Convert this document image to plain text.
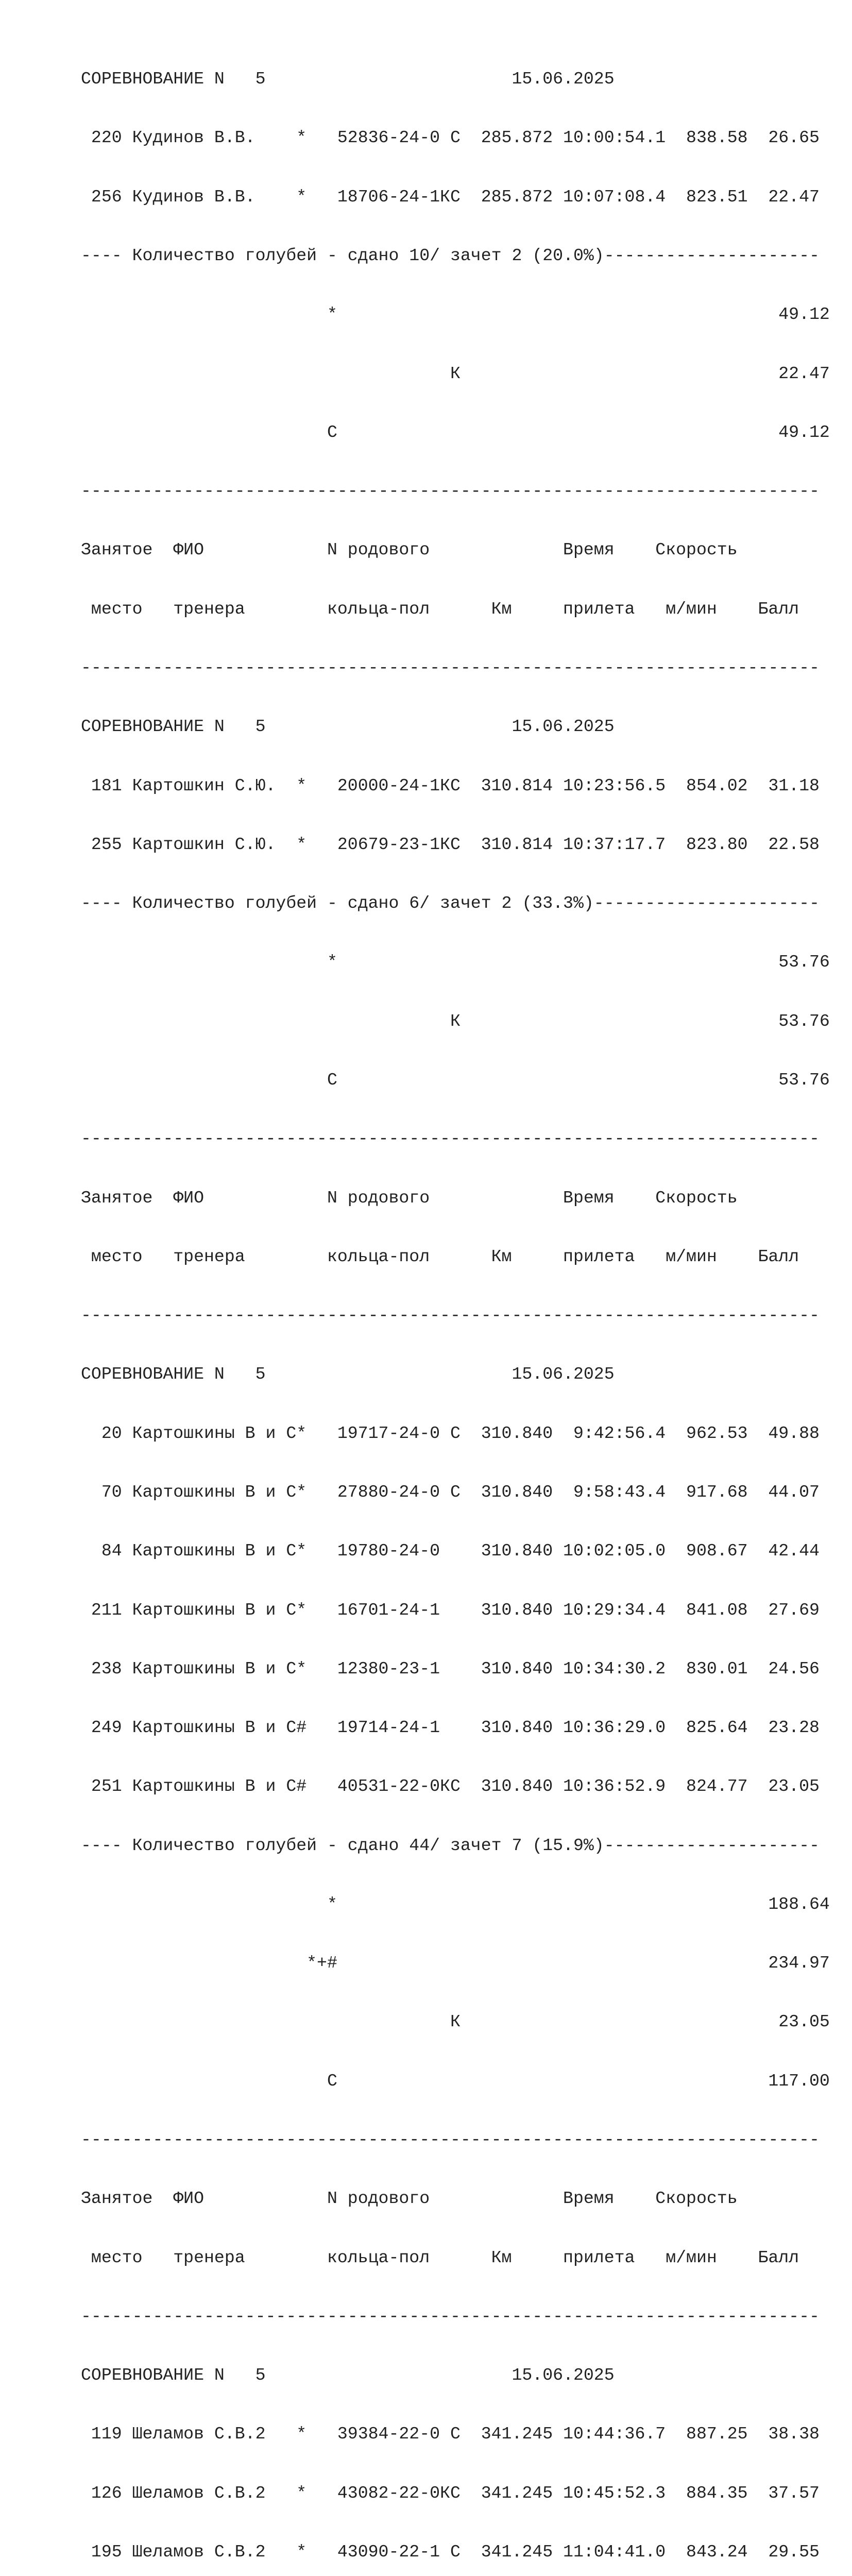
СОРЕВНОВАНИЕ N   5                        15.06.2025

220 Кудинов В.В.    *   52836-24-0 С  285.872 10:00:54.1  838.58  26.65

256 Кудинов В.В.    *   18706-24-1КС  285.872 10:07:08.4  823.51  22.47

---- Количество голубей - сдано 10/ зачет 2 (20.0%)---------------------

*                                           49.12

К                               22.47

С                                           49.12

------------------------------------------------------------------------

Занятое  ФИО            N родового             Время    Скорость

место   тренера        кольца-пол      Км     прилета   м/мин    Балл

------------------------------------------------------------------------

СОРЕВНОВАНИЕ N   5                        15.06.2025

181 Картошкин С.Ю.  *   20000-24-1КС  310.814 10:23:56.5  854.02  31.18

255 Картошкин С.Ю.  *   20679-23-1КС  310.814 10:37:17.7  823.80  22.58

---- Количество голубей - сдано 6/ зачет 2 (33.3%)----------------------

*                                           53.76

К                               53.76

С                                           53.76

------------------------------------------------------------------------

Занятое  ФИО            N родового             Время    Скорость

место   тренера        кольца-пол      Км     прилета   м/мин    Балл

------------------------------------------------------------------------

СОРЕВНОВАНИЕ N   5                        15.06.2025

20 Картошкины В и С*   19717-24-0 С  310.840  9:42:56.4  962.53  49.88

70 Картошкины В и С*   27880-24-0 С  310.840  9:58:43.4  917.68  44.07

84 Картошкины В и С*   19780-24-0    310.840 10:02:05.0  908.67  42.44

211 Картошкины В и С*   16701-24-1    310.840 10:29:34.4  841.08  27.69

238 Картошкины В и С*   12380-23-1    310.840 10:34:30.2  830.01  24.56

249 Картошкины В и С#   19714-24-1    310.840 10:36:29.0  825.64  23.28

251 Картошкины В и С#   40531-22-0КС  310.840 10:36:52.9  824.77  23.05

---- Количество голубей - сдано 44/ зачет 7 (15.9%)---------------------

*                                          188.64

*+#                                          234.97

К                               23.05

С                                          117.00

------------------------------------------------------------------------

Занятое  ФИО            N родового             Время    Скорость

место   тренера        кольца-пол      Км     прилета   м/мин    Балл

------------------------------------------------------------------------

СОРЕВНОВАНИЕ N   5                        15.06.2025

119 Шеламов С.В.2   *   39384-22-0 С  341.245 10:44:36.7  887.25  38.38

126 Шеламов С.В.2   *   43082-22-0КС  341.245 10:45:52.3  884.35  37.57

195 Шеламов С.В.2   *   43090-22-1 С  341.245 11:04:41.0  843.24  29.55
